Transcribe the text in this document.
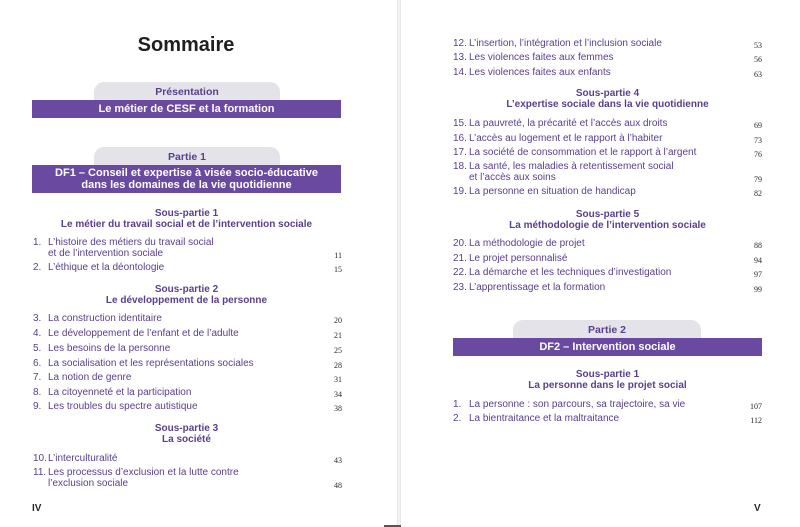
Sommaire
Présentation
Le métier de CESF et la formation
Partie 1
DF1 – Conseil et expertise à visée socio-éducative
dans les domaines de la vie quotidienne
Sous-partie 1
Le métier du travail social et de l’intervention sociale
1. L’histoire des métiers du travail social
et de l’intervention sociale	11
2. L’éthique et la déontologie	15
Sous-partie 2
Le développement de la personne
3. La construction identitaire	20
4. Le développement de l’enfant et de l’adulte	21
5. Les besoins de la personne	25
6. La socialisation et les représentations sociales	28
7. La notion de genre	31
8. La citoyenneté et la participation	34
9. Les troubles du spectre autistique	38
Sous-partie 3
La société
10. L’interculturalité	43
11. Les processus d’exclusion et la lutte contre
l’exclusion sociale	48
IV
12. L’insertion, l’intégration et l’inclusion sociale	53
13. Les violences faites aux femmes	56
14. Les violences faites aux enfants	63
Sous-partie 4
L’expertise sociale dans la vie quotidienne
15. La pauvreté, la précarité et l’accès aux droits	69
16. L’accès au logement et le rapport à l’habiter	73
17. La société de consommation et le rapport à l’argent	76
18. La santé, les maladies à retentissement social
et l’accès aux soins	79
19. La personne en situation de handicap	82
Sous-partie 5
La méthodologie de l’intervention sociale
20. La méthodologie de projet	88
21. Le projet personnalisé	94
22. La démarche et les techniques d’investigation	97
23. L’apprentissage et la formation	99
Partie 2
DF2 – Intervention sociale
Sous-partie 1
La personne dans le projet social
1. La personne : son parcours, sa trajectoire, sa vie	107
2. La bientraitance et la maltraitance	112
V
